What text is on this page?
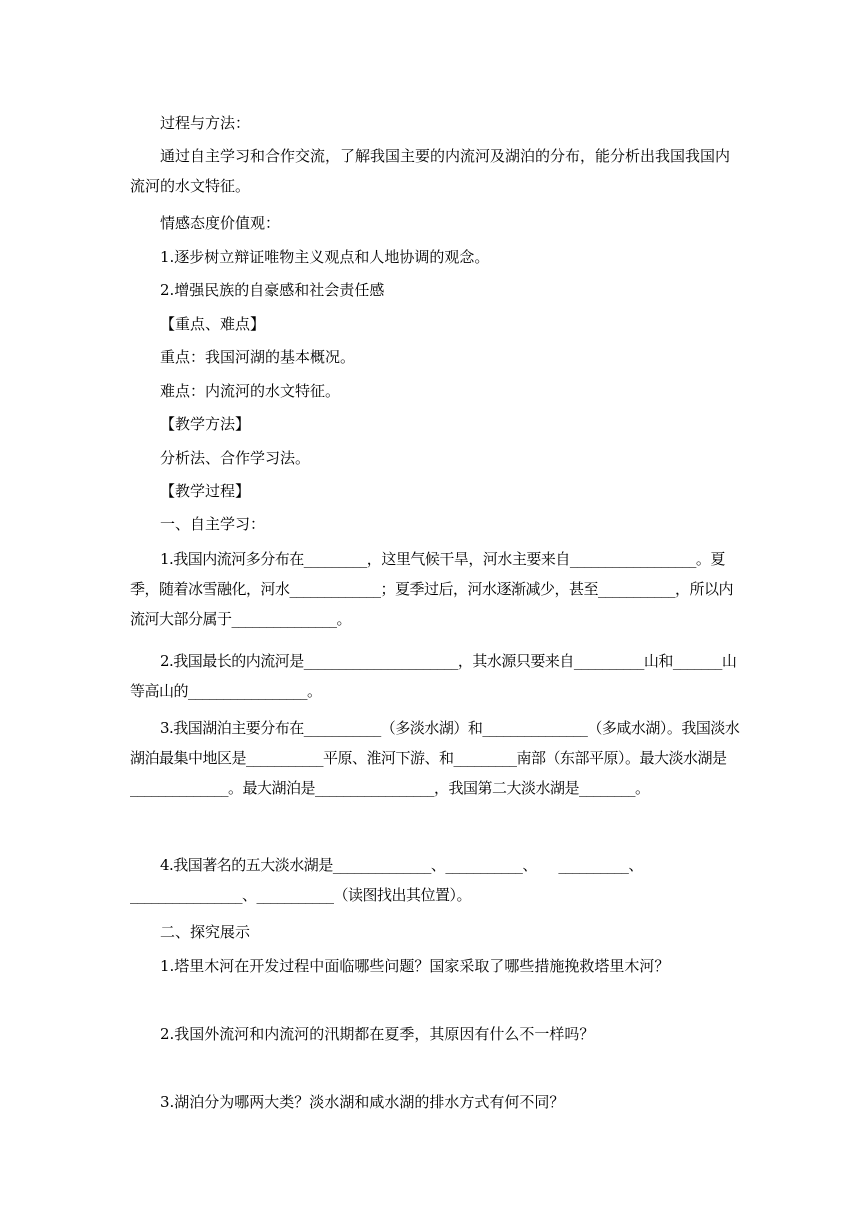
过程与方法：

通过自主学习和合作交流，了解我国主要的内流河及湖泊的分布，能分析出我国我国内流河的水文特征。

情感态度价值观：

1.逐步树立辩证唯物主义观点和人地协调的观念。

2.增强民族的自豪感和社会责任感

【重点、难点】

重点：我国河湖的基本概况。

难点：内流河的水文特征。

【教学方法】

分析法、合作学习法。

【教学过程】

一、自主学习：

1.我国内流河多分布在_________，这里气候干旱，河水主要来自__________________。夏季，随着冰雪融化，河水_____________；夏季过后，河水逐渐减少，甚至___________，所以内流河大部分属于_______________。

2.我国最长的内流河是______________________，其水源只要来自__________山和_______山等高山的_________________。

3.我国湖泊主要分布在___________（多淡水湖）和_______________（多咸水湖）。我国淡水湖泊最集中地区是___________平原、淮河下游、和_________南部（东部平原）。最大淡水湖是______________。最大湖泊是_________________，我国第二大淡水湖是________。

4.我国著名的五大淡水湖是______________、___________、　　__________、________________、___________（读图找出其位置）。

二、探究展示

1.塔里木河在开发过程中面临哪些问题？国家采取了哪些措施挽救塔里木河？

2.我国外流河和内流河的汛期都在夏季，其原因有什么不一样吗？

3.湖泊分为哪两大类？淡水湖和咸水湖的排水方式有何不同？
